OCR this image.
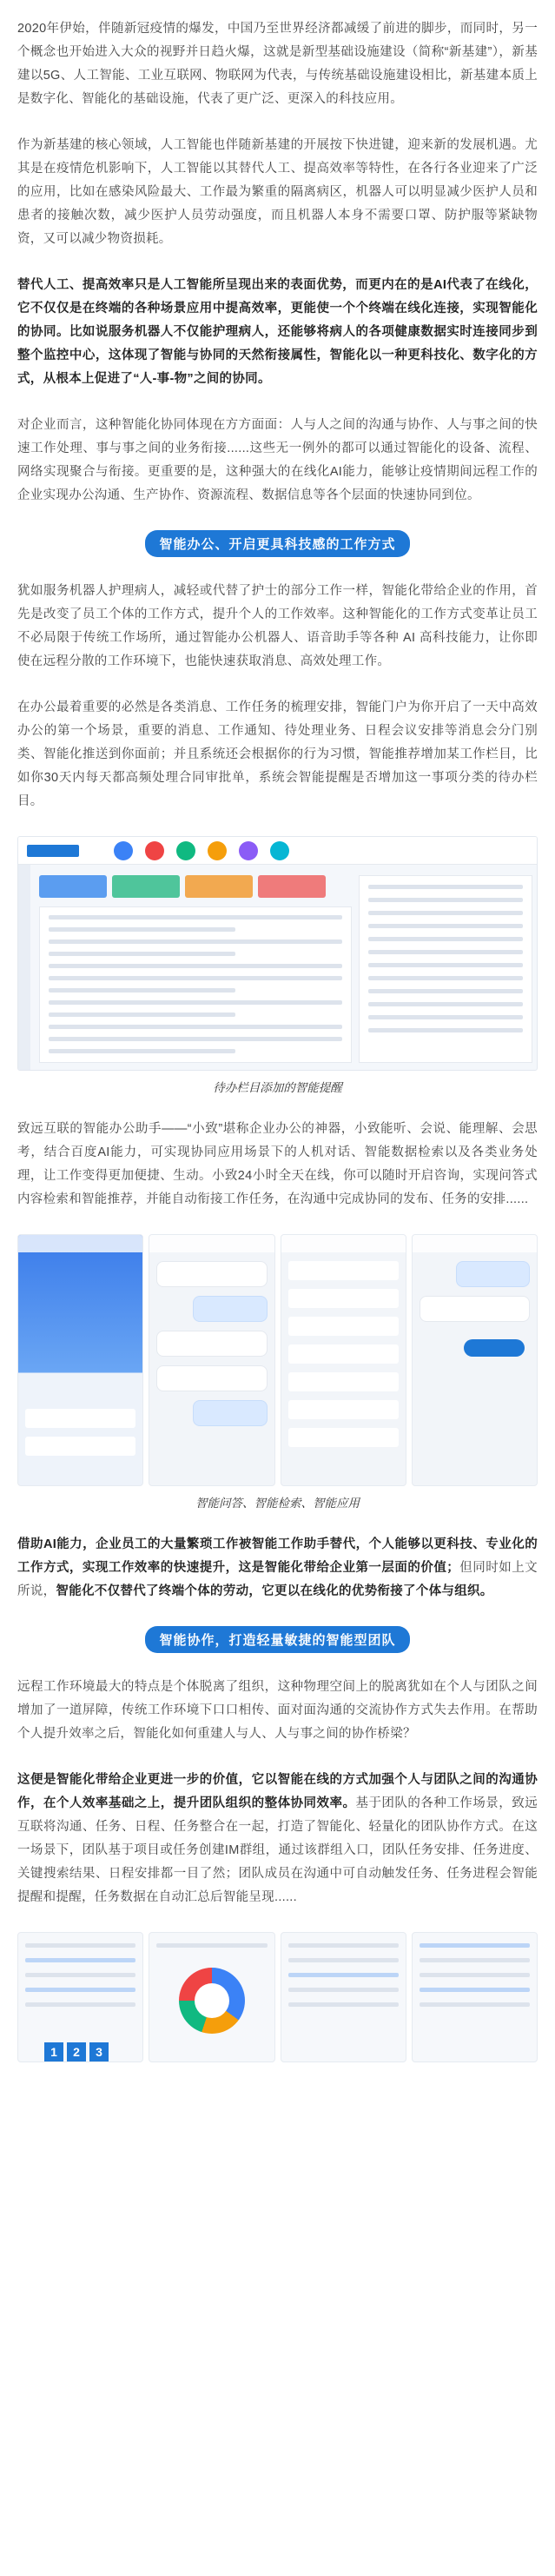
2020年伊始，伴随新冠疫情的爆发，中国乃至世界经济都减缓了前进的脚步，而同时，另一个概念也开始进入大众的视野并日趋火爆，这就是新型基础设施建设（简称“新基建”），新基建以5G、人工智能、工业互联网、物联网为代表，与传统基础设施建设相比，新基建本质上是数字化、智能化的基础设施，代表了更广泛、更深入的科技应用。

作为新基建的核心领域，人工智能也伴随新基建的开展按下快进键，迎来新的发展机遇。尤其是在疫情危机影响下，人工智能以其替代人工、提高效率等特性，在各行各业迎来了广泛的应用，比如在感染风险最大、工作最为繁重的隔离病区，机器人可以明显减少医护人员和患者的接触次数，减少医护人员劳动强度，而且机器人本身不需要口罩、防护服等紧缺物资，又可以减少物资损耗。

替代人工、提高效率只是人工智能所呈现出来的表面优势，而更内在的是AI代表了在线化，它不仅仅是在终端的各种场景应用中提高效率，更能使一个个终端在线化连接，实现智能化的协同。比如说服务机器人不仅能护理病人，还能够将病人的各项健康数据实时连接同步到整个监控中心，这体现了智能与协同的天然衔接属性，智能化以一种更科技化、数字化的方式，从根本上促进了“人-事-物”之间的协同。

对企业而言，这种智能化协同体现在方方面面：人与人之间的沟通与协作、人与事之间的快速工作处理、事与事之间的业务衔接......这些无一例外的都可以通过智能化的设备、流程、网络实现聚合与衔接。更重要的是，这种强大的在线化AI能力，能够让疫情期间远程工作的企业实现办公沟通、生产协作、资源流程、数据信息等各个层面的快速协同到位。

智能办公、开启更具科技感的工作方式

犹如服务机器人护理病人，减轻或代替了护士的部分工作一样，智能化带给企业的作用，首先是改变了员工个体的工作方式，提升个人的工作效率。这种智能化的工作方式变革让员工不必局限于传统工作场所，通过智能办公机器人、语音助手等各种 AI 高科技能力，让你即使在远程分散的工作环境下，也能快速获取消息、高效处理工作。

在办公最着重要的必然是各类消息、工作任务的梳理安排，智能门户为你开启了一天中高效办公的第一个场景，重要的消息、工作通知、待处理业务、日程会议安排等消息会分门别类、智能化推送到你面前；并且系统还会根据你的行为习惯，智能推荐增加某工作栏目，比如你30天内每天都高频处理合同审批单，系统会智能提醒是否增加这一事项分类的待办栏目。

待办栏目添加的智能提醒

致远互联的智能办公助手——“小致”堪称企业办公的神器，小致能听、会说、能理解、会思考，结合百度AI能力，可实现协同应用场景下的人机对话、智能数据检索以及各类业务处理，让工作变得更加便捷、生动。小致24小时全天在线，你可以随时开启咨询，实现问答式内容检索和智能推荐，并能自动衔接工作任务，在沟通中完成协同的发布、任务的安排......

智能问答、智能检索、智能应用

借助AI能力，企业员工的大量繁琐工作被智能工作助手替代，个人能够以更科技、专业化的工作方式，实现工作效率的快速提升，这是智能化带给企业第一层面的价值；但同时如上文所说，智能化不仅替代了终端个体的劳动，它更以在线化的优势衔接了个体与组织。

智能协作，打造轻量敏捷的智能型团队

远程工作环境最大的特点是个体脱离了组织，这种物理空间上的脱离犹如在个人与团队之间增加了一道屏障，传统工作环境下口口相传、面对面沟通的交流协作方式失去作用。在帮助个人提升效率之后，智能化如何重建人与人、人与事之间的协作桥梁？

这便是智能化带给企业更进一步的价值，它以智能在线的方式加强个人与团队之间的沟通协作，在个人效率基础之上，提升团队组织的整体协同效率。基于团队的各种工作场景，致远互联将沟通、任务、日程、任务整合在一起，打造了智能化、轻量化的团队协作方式。在这一场景下，团队基于项目或任务创建IM群组，通过该群组入口，团队任务安排、任务进度、关键搜索结果、日程安排都一目了然；团队成员在沟通中可自动触发任务、任务进程会智能提醒和提醒，任务数据在自动汇总后智能呈现......

1	2	3
